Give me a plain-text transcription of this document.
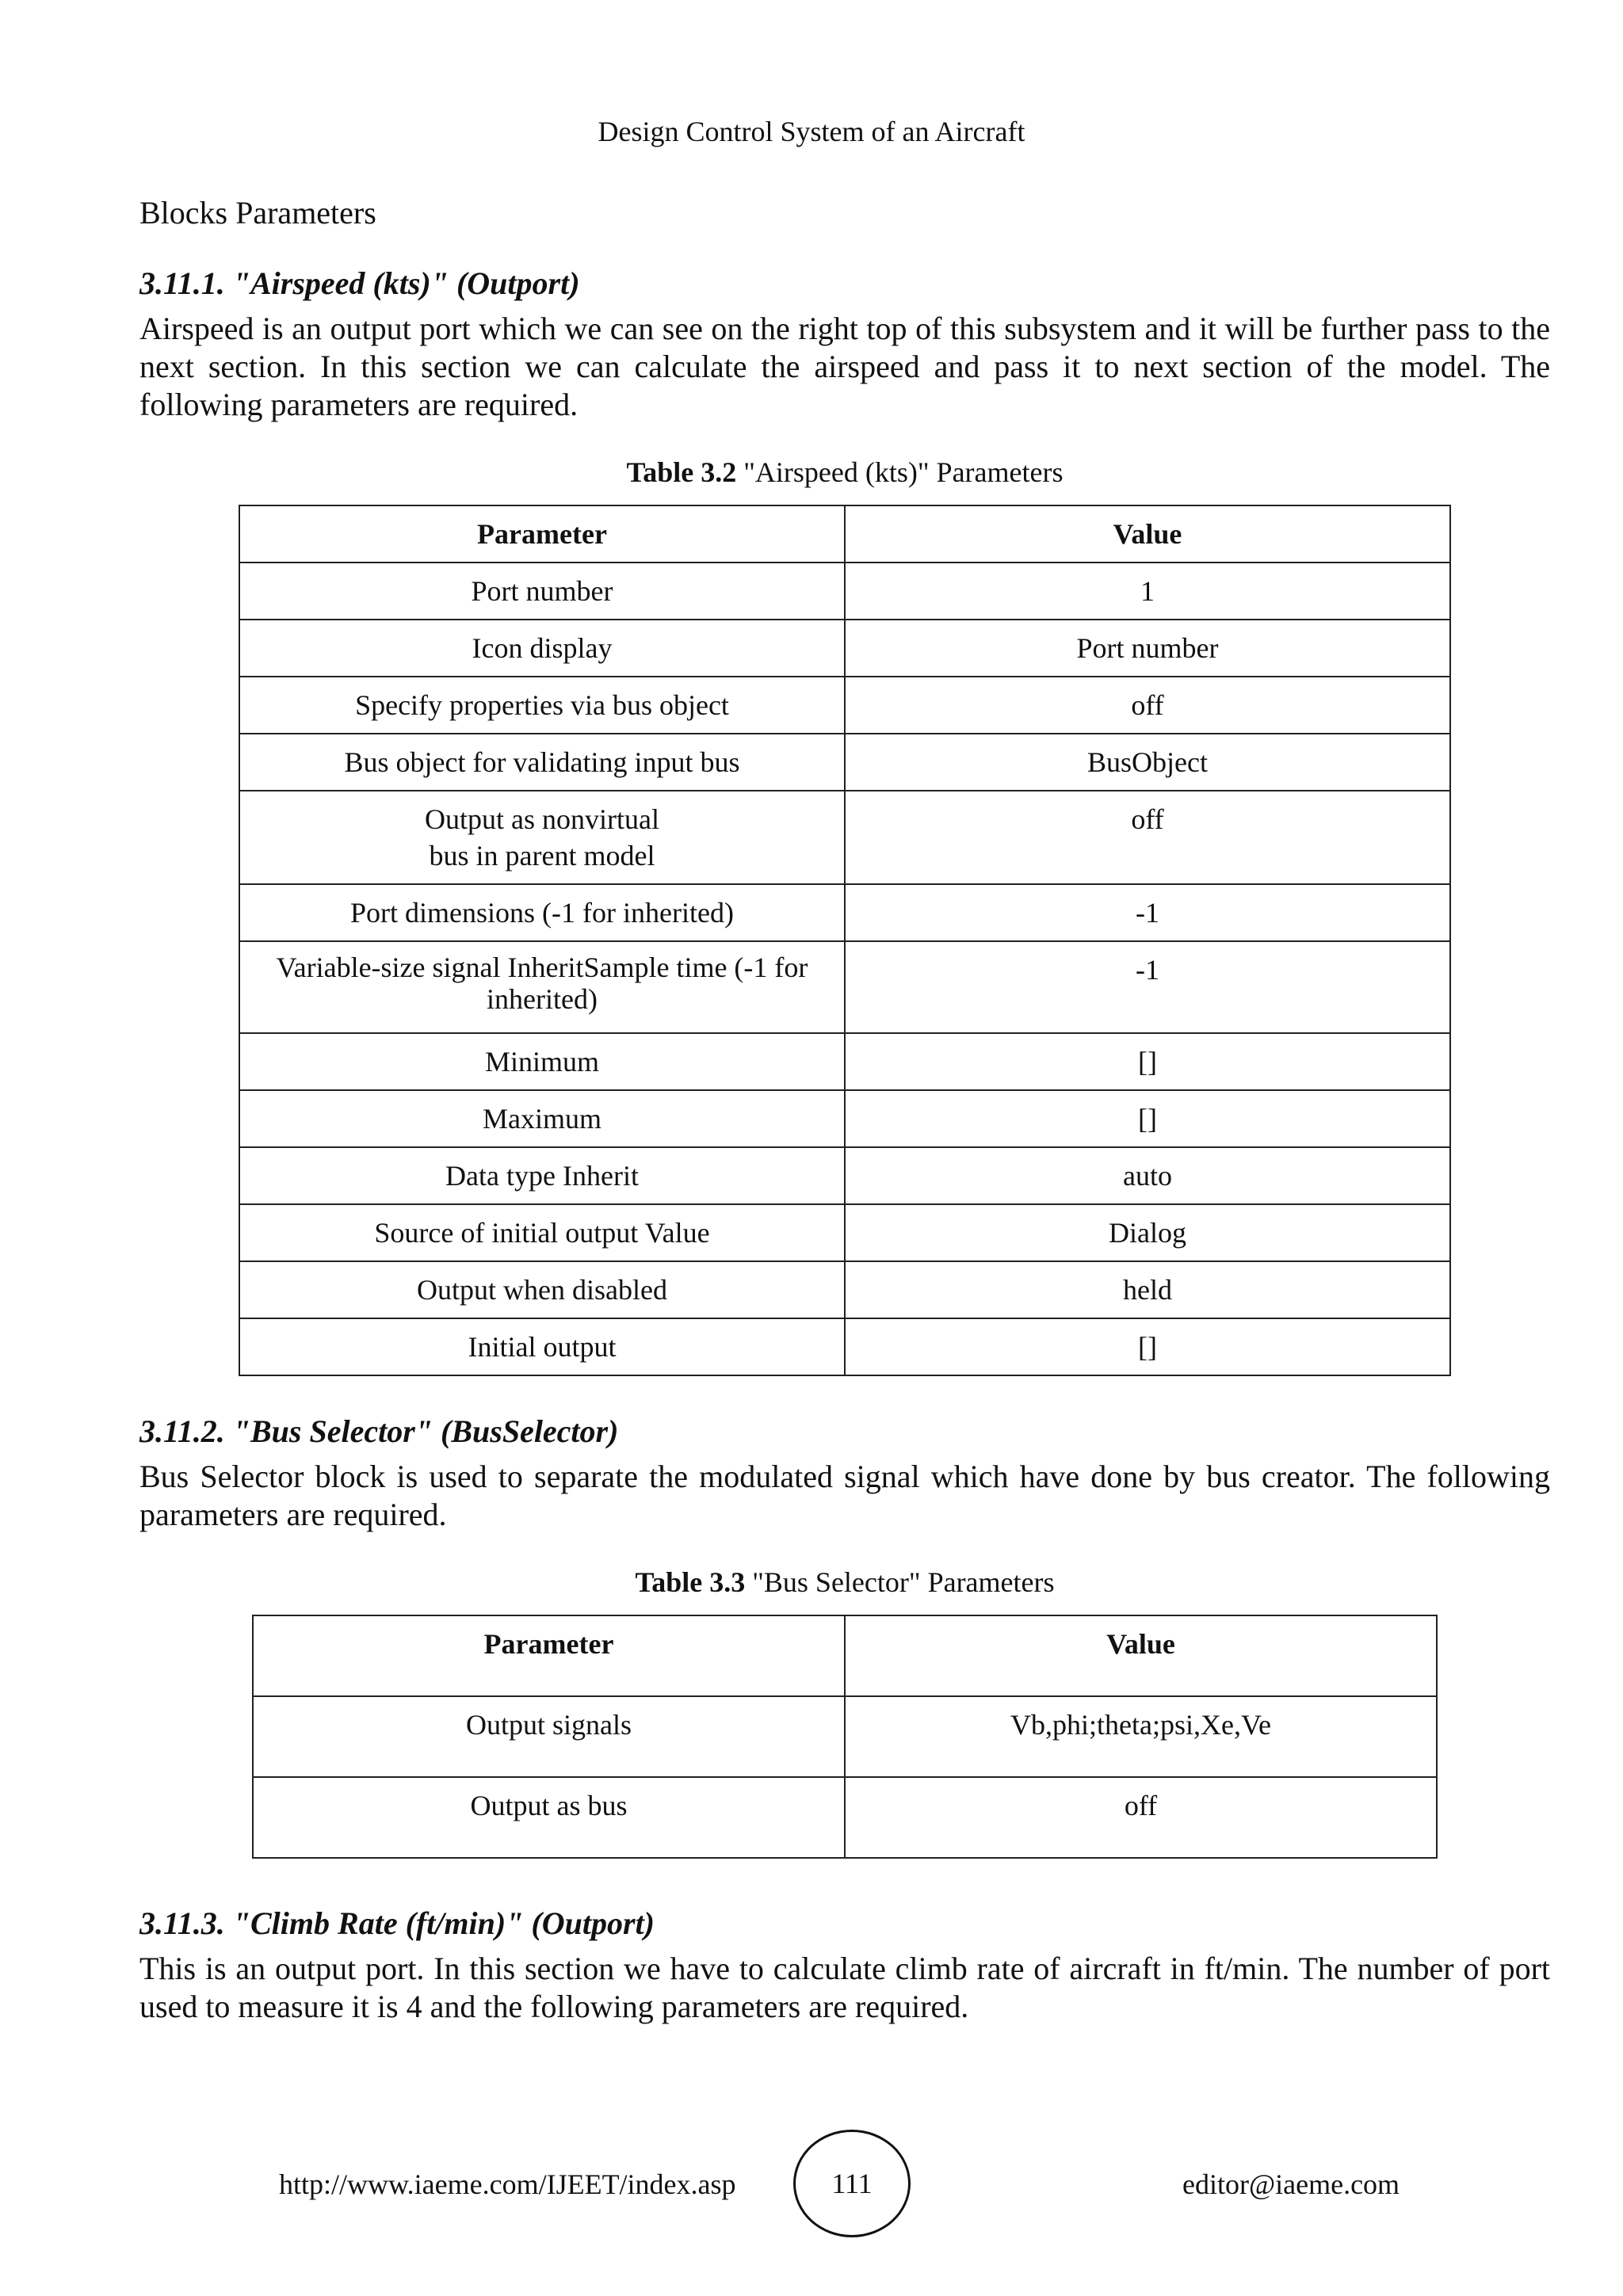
Design Control System of an Aircraft

Blocks Parameters

3.11.1. "Airspeed (kts)" (Outport)

Airspeed is an output port which we can see on the right top of this subsystem and it will be further pass to the next section. In this section we can calculate the airspeed and pass it to next section of the model. The following parameters are required.

Table 3.2 "Airspeed (kts)" Parameters

Parameter	Value
Port number	1
Icon display	Port number
Specify properties via bus object	off
Bus object for validating input bus	BusObject
Output as nonvirtual
bus in parent model	off
Port dimensions (-1 for inherited)	-1
Variable-size signal InheritSample time (-1 for inherited)	-1
Minimum	[]
Maximum	[]
Data type Inherit	auto
Source of initial output Value	Dialog
Output when disabled	held
Initial output	[]

3.11.2. "Bus Selector" (BusSelector)

Bus Selector block is used to separate the modulated signal which have done by bus creator. The following parameters are required.

Table 3.3 "Bus Selector" Parameters

Parameter	Value
Output signals	Vb,phi;theta;psi,Xe,Ve
Output as bus	off

3.11.3. "Climb Rate (ft/min)" (Outport)

This is an output port. In this section we have to calculate climb rate of aircraft in ft/min. The number of port used to measure it is 4 and the following parameters are required.

http://www.iaeme.com/IJEET/index.asp	111	editor@iaeme.com
